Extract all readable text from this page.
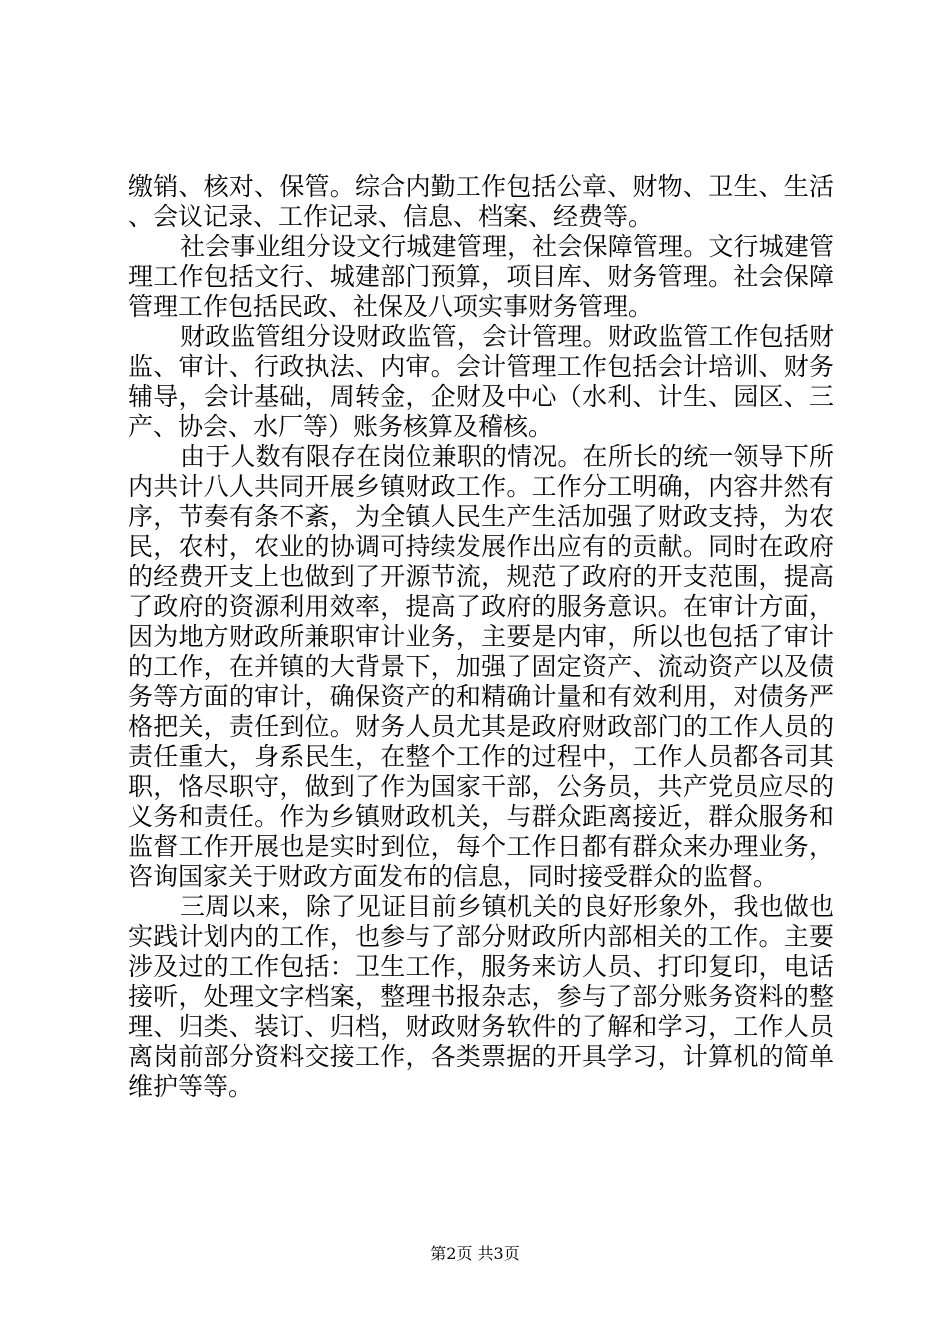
缴销、核对、保管。综合内勤工作包括公章、财物、卫生、生活、会议记录、工作记录、信息、档案、经费等。

社会事业组分设文行城建管理，社会保障管理。文行城建管理工作包括文行、城建部门预算，项目库、财务管理。社会保障管理工作包括民政、社保及八项实事财务管理。

财政监管组分设财政监管，会计管理。财政监管工作包括财监、审计、行政执法、内审。会计管理工作包括会计培训、财务辅导，会计基础，周转金，企财及中心（水利、计生、园区、三产、协会、水厂等）账务核算及稽核。

由于人数有限存在岗位兼职的情况。在所长的统一领导下所内共计八人共同开展乡镇财政工作。工作分工明确，内容井然有序，节奏有条不紊，为全镇人民生产生活加强了财政支持，为农民，农村，农业的协调可持续发展作出应有的贡献。同时在政府的经费开支上也做到了开源节流，规范了政府的开支范围，提高了政府的资源利用效率，提高了政府的服务意识。在审计方面，因为地方财政所兼职审计业务，主要是内审，所以也包括了审计的工作，在并镇的大背景下，加强了固定资产、流动资产以及债务等方面的审计，确保资产的和精确计量和有效利用，对债务严格把关，责任到位。财务人员尤其是政府财政部门的工作人员的责任重大，身系民生，在整个工作的过程中，工作人员都各司其职，恪尽职守，做到了作为国家干部，公务员，共产党员应尽的义务和责任。作为乡镇财政机关，与群众距离接近，群众服务和监督工作开展也是实时到位，每个工作日都有群众来办理业务，咨询国家关于财政方面发布的信息，同时接受群众的监督。

三周以来，除了见证目前乡镇机关的良好形象外，我也做也实践计划内的工作，也参与了部分财政所内部相关的工作。主要涉及过的工作包括：卫生工作，服务来访人员、打印复印，电话接听，处理文字档案，整理书报杂志，参与了部分账务资料的整理、归类、装订、归档，财政财务软件的了解和学习，工作人员离岗前部分资料交接工作，各类票据的开具学习，计算机的简单维护等等。

第2页 共3页
